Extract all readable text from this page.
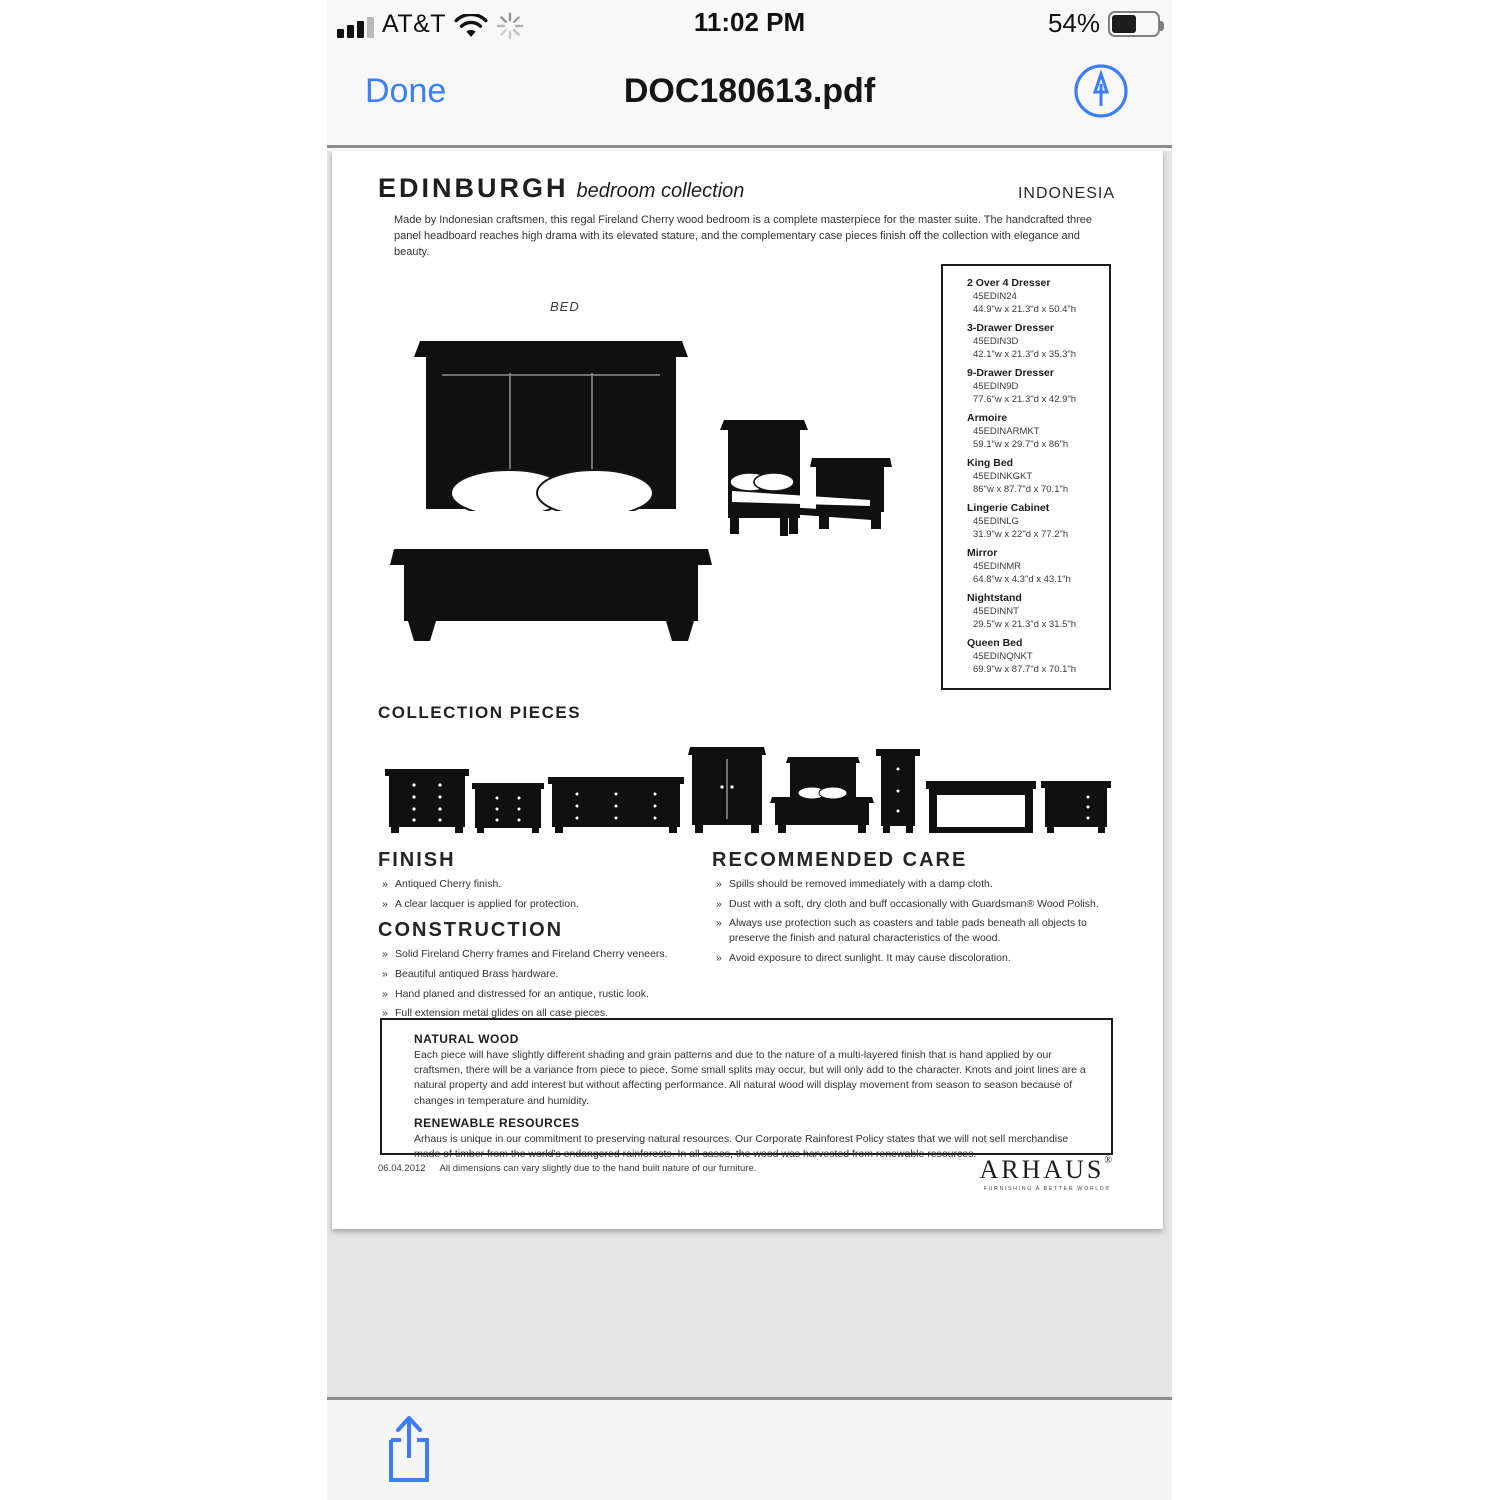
AT&T	11:02 PM	54%
Done	DOC180613.pdf
EDINBURGH bedroom collection	INDONESIA

Made by Indonesian craftsmen, this regal Fireland Cherry wood bedroom is a complete masterpiece for the master suite. The handcrafted three panel headboard reaches high drama with its elevated stature, and the complementary case pieces finish off the collection with elegance and beauty.

2 Over 4 Dresser
45EDIN24
44.9"w x 21.3"d x 50.4"h
3-Drawer Dresser
45EDIN3D
42.1"w x 21.3"d x 35.3"h
9-Drawer Dresser
45EDIN9D
77.6"w x 21.3"d x 42.9"h
Armoire
45EDINARMKT
59.1"w x 29.7"d x 86"h
King Bed
45EDINKGKT
86"w x 87.7"d x 70.1"h
Lingerie Cabinet
45EDINLG
31.9"w x 22"d x 77.2"h
Mirror
45EDINMR
64.8"w x 4.3"d x 43.1"h
Nightstand
45EDINNT
29.5"w x 21.3"d x 31.5"h
Queen Bed
45EDINQNKT
69.9"w x 87.7"d x 70.1"h
BED
COLLECTION PIECES
FINISH
» Antiqued Cherry finish.
» A clear lacquer is applied for protection.
CONSTRUCTION
» Solid Fireland Cherry frames and Fireland Cherry veneers.
» Beautiful antiqued Brass hardware.
» Hand planed and distressed for an antique, rustic look.
» Full extension metal glides on all case pieces.
RECOMMENDED CARE
» Spills should be removed immediately with a damp cloth.
» Dust with a soft, dry cloth and buff occasionally with Guardsman® Wood Polish.
» Always use protection such as coasters and table pads beneath all objects to preserve the finish and natural characteristics of the wood.
» Avoid exposure to direct sunlight. It may cause discoloration.
NATURAL WOOD

Each piece will have slightly different shading and grain patterns and due to the nature of a multi-layered finish that is hand applied by our craftsmen, there will be a variance from piece to piece. Some small splits may occur, but will only add to the character. Knots and joint lines are a natural property and add interest but without affecting performance. All natural wood will display movement from season to season because of changes in temperature and humidity.

RENEWABLE RESOURCES

Arhaus is unique in our commitment to preserving natural resources. Our Corporate Rainforest Policy states that we will not sell merchandise made of timber from the world's endangered rainforests. In all cases, the wood was harvested from renewable resources.

06.04.2012 All dimensions can vary slightly due to the hand built nature of our furniture.	ARHAUS®
FURNISHING A BETTER WORLD®
